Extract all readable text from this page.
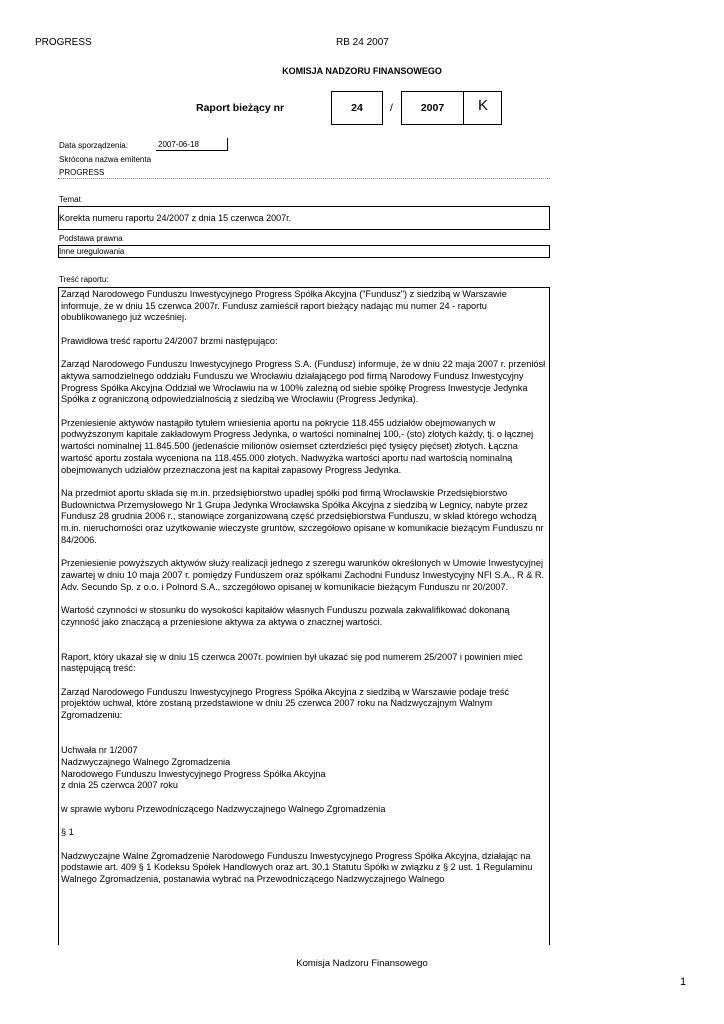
PROGRESS	RB 24 2007
KOMISJA NADZORU FINANSOWEGO
Raport bieżący nr	24	/	2007 K
Data sporządzenia:	2007-06-18
Skrócona nazwa emitenta
PROGRESS
Temat
Korekta numeru raportu 24/2007 z dnia 15 czerwca 2007r.
Podstawa prawna
Inne uregulowania
Treść raportu:

Zarząd Narodowego Funduszu Inwestycyjnego Progress Spółka Akcyjna ("Fundusz") z siedzibą w Warszawie informuje, że w dniu 15 czerwca 2007r. Fundusz zamieścił raport bieżący nadając mu numer 24 - raportu obublikowanego już wcześniej.

Prawidłowa treść raportu 24/2007 brzmi następująco:

Zarząd Narodowego Funduszu Inwestycyjnego Progress S.A. (Fundusz) informuje, że w dniu 22 maja 2007 r. przeniósł aktywa samodzielnego oddziału Funduszu we Wrocławiu działającego pod firmą Narodowy Fundusz Inwestycyjny Progress Spółka Akcyjna Oddział we Wrocławiu na w 100% zależną od siebie spółkę Progress Inwestycje Jedynka Spółka z ograniczoną odpowiedzialnością z siedzibą we Wrocławiu (Progress Jedynka).

Przeniesienie aktywów nastąpiło tytułem wniesienia aportu na pokrycie 118.455 udziałów obejmowanych w podwyższonym kapitale zakładowym Progress Jedynka, o wartości nominalnej 100,- (sto) złotych każdy, tj. o łącznej wartości nominalnej 11.845.500 (jedenaście milionów osiemset czterdzieści pięć tysięcy pięćset) złotych. Łączna wartość aportu została wyceniona na 118.455.000 złotych. Nadwyżka wartości aportu nad wartością nominalną obejmowanych udziałów przeznaczona jest na kapitał zapasowy Progress Jedynka.

Na przedmiot aportu składa się m.in. przedsiębiorstwo upadłej spółki pod firmą Wrocławskie Przedsiębiorstwo Budownictwa Przemysłowego Nr 1 Grupa Jedynka Wrocławska Spółka Akcyjna z siedzibą w Legnicy, nabyte przez Fundusz 28 grudnia 2006 r., stanowiące zorganizowaną część przedsiębiorstwa Funduszu, w skład którego wchodzą m.in. nieruchomości oraz użytkowanie wieczyste gruntów, szczegółowo opisane w komunikacie bieżącym Funduszu nr 84/2006.

Przeniesienie powyższych aktywów służy realizacji jednego z szeregu warunków określonych w Umowie Inwestycyjnej zawartej w dniu 10 maja 2007 r. pomiędzy Funduszem oraz spółkami Zachodni Fundusz Inwestycyjny NFI S.A., R & R. Adv. Secundo Sp. z o.o. i Polnord S.A., szczegółowo opisanej w komunikacie bieżącym Funduszu nr 20/2007.

Wartość czynności w stosunku do wysokości kapitałów własnych Funduszu pozwala zakwalifikować dokonaną czynność jako znaczącą a przeniesione aktywa za aktywa o znacznej wartości.

Raport, który ukazał się w dniu 15 czerwca 2007r. powinien był ukazać się pod numerem 25/2007 i powinien mieć następującą treść:

Zarząd Narodowego Funduszu Inwestycyjnego Progress Spółka Akcyjna z siedzibą w Warszawie podaje treść projektów uchwał, które zostaną przedstawione w dniu 25 czerwca 2007 roku na Nadzwyczajnym Walnym Zgromadzeniu:

Uchwała nr 1/2007
Nadzwyczajnego Walnego Zgromadzenia
Narodowego Funduszu Inwestycyjnego Progress Spółka Akcyjna
z dnia 25 czerwca 2007 roku

w sprawie wyboru Przewodniczącego Nadzwyczajnego Walnego Zgromadzenia

§ 1

Nadzwyczajne Walne Zgromadzenie Narodowego Funduszu Inwestycyjnego Progress Spółka Akcyjna, działając na podstawie art. 409 § 1 Kodeksu Spółek Handlowych oraz art. 30.1 Statutu Spółki w związku z § 2 ust. 1 Regulaminu Walnego Zgromadzenia, postanawia wybrać na Przewodniczącego Nadzwyczajnego Walnego

Komisja Nadzoru Finansowego
1
